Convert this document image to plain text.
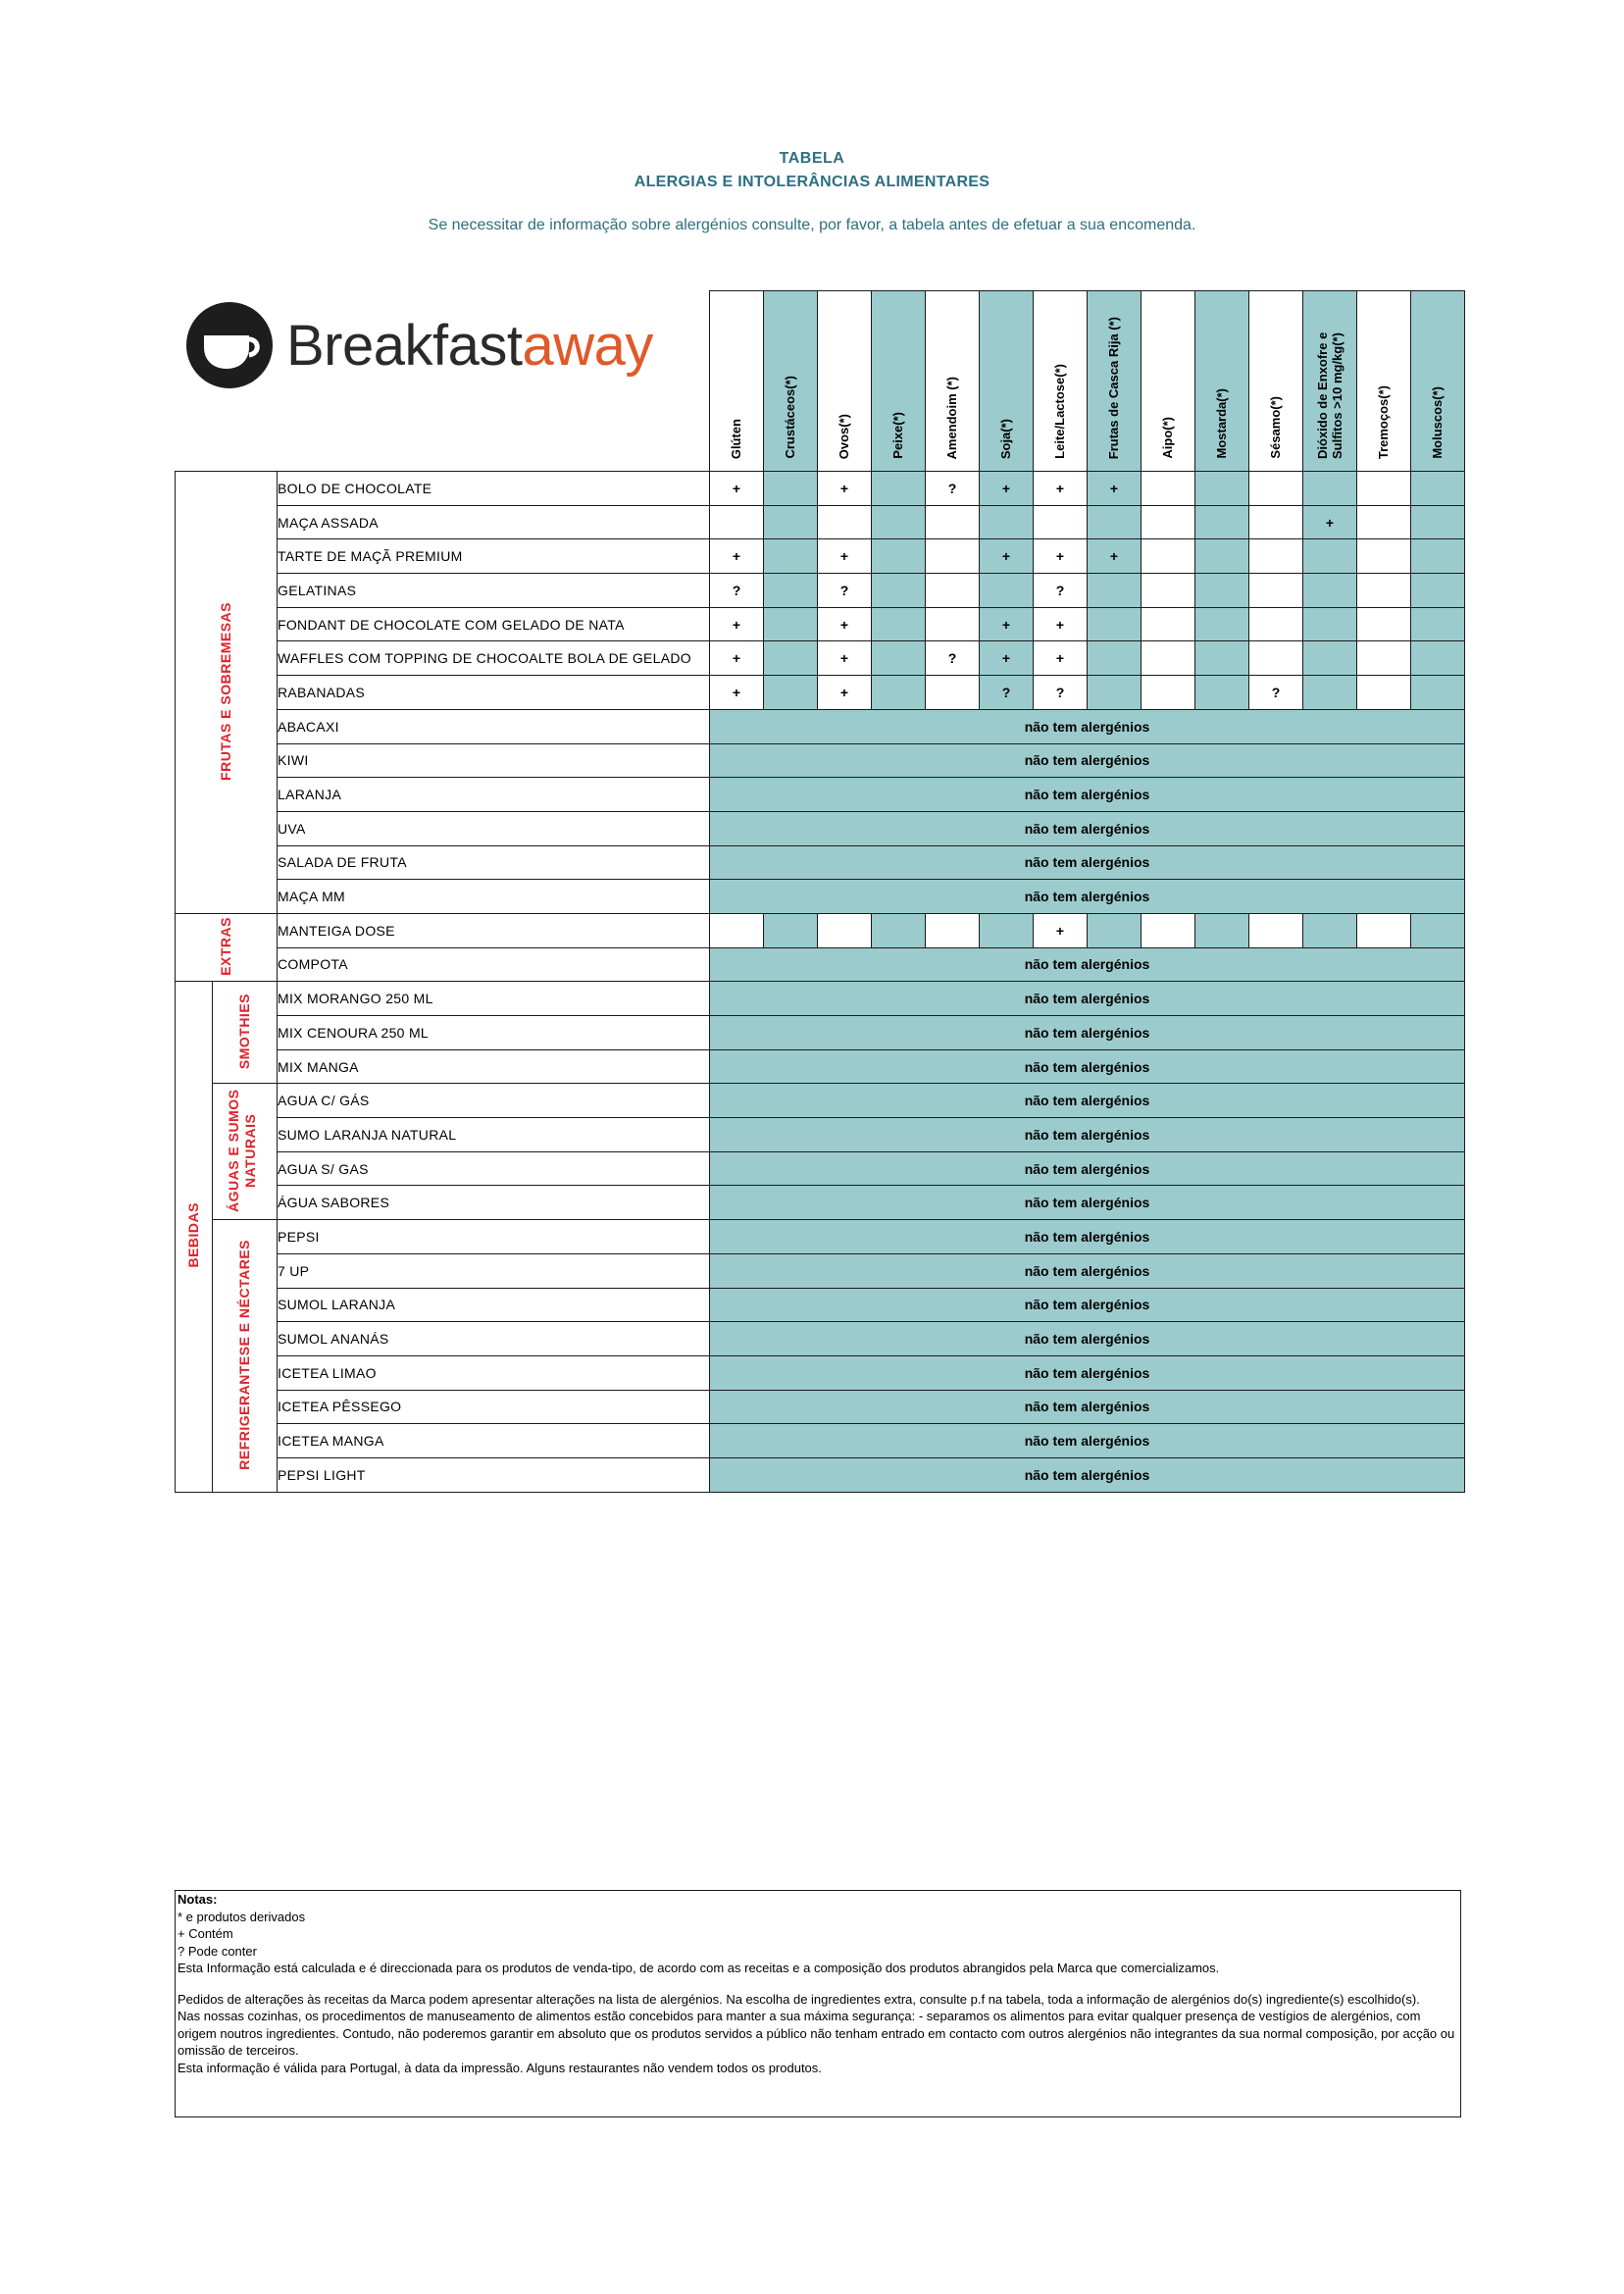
TABELA
ALERGIAS E INTOLERÂNCIAS ALIMENTARES
Se necessitar de informação sobre alergénios consulte, por favor, a tabela antes de efetuar a sua encomenda.
Breakfastaway

			Glúten	Crustáceos(*)	Ovos(*)	Peixe(*)	Amendoim (*)	Soja(*)	Leite/Lactose(*)	Frutas de Casca Rija (*)	Aipo(*)	Mostarda(*)	Sésamo(*)	Dióxido de Enxofre e Sulfitos >10 mg/kg(*)	Tremoços(*)	Moluscos(*)

FRUTAS E SOBREMESAS		BOLO DE CHOCOLATE	+		+		?	+	+	+						
		MAÇA ASSADA												+		
		TARTE DE MAÇÃ PREMIUM	+		+			+	+	+						
		GELATINAS	?		?				?							
		FONDANT DE CHOCOLATE COM GELADO DE NATA	+		+			+	+							
		WAFFLES COM TOPPING DE CHOCOALTE BOLA DE GELADO	+		+		?	+	+							
		RABANADAS	+		+			?	?				?			
		ABACAXI	não tem alergénios													
		KIWI	não tem alergénios													
		LARANJA	não tem alergénios													
		UVA	não tem alergénios													
		SALADA DE FRUTA	não tem alergénios													
		MAÇA MM	não tem alergénios													
EXTRAS		MANTEIGA DOSE							+							
		COMPOTA	não tem alergénios													
BEBIDAS	SMOTHIES	MIX MORANGO 250 ML	não tem alergénios													
		MIX CENOURA 250 ML	não tem alergénios													
		MIX MANGA	não tem alergénios													
	ÁGUAS E SUMOS NATURAIS	AGUA C/ GÁS	não tem alergénios													
		SUMO LARANJA NATURAL	não tem alergénios													
		AGUA S/ GAS	não tem alergénios													
		ÁGUA SABORES	não tem alergénios													
	REFRIGERANTESE E NÉCTARES	PEPSI	não tem alergénios													
		7 UP	não tem alergénios													
		SUMOL LARANJA	não tem alergénios													
		SUMOL ANANÁS	não tem alergénios													
		ICETEA LIMAO	não tem alergénios													
		ICETEA PÊSSEGO	não tem alergénios													
		ICETEA MANGA	não tem alergénios													
		PEPSI LIGHT	não tem alergénios													

Notas:

* e produtos derivados

+ Contém

? Pode conter

Esta Informação está calculada e é direccionada para os produtos de venda-tipo, de acordo com as receitas e a composição dos produtos abrangidos pela Marca que comercializamos.

Pedidos de alterações às receitas da Marca podem apresentar alterações na lista de alergénios. Na escolha de ingredientes extra, consulte p.f na tabela, toda a informação de alergénios do(s) ingrediente(s) escolhido(s).

Nas nossas cozinhas, os procedimentos de manuseamento de alimentos estão concebidos para manter a sua máxima segurança: - separamos os alimentos para evitar qualquer presença de vestígios de alergénios, com origem noutros ingredientes. Contudo, não poderemos garantir em absoluto que os produtos servidos a público não tenham entrado em contacto com outros alergénios não integrantes da sua normal composição, por acção ou omissão de terceiros.

Esta informação é válida para Portugal, à data da impressão. Alguns restaurantes não vendem todos os produtos.
